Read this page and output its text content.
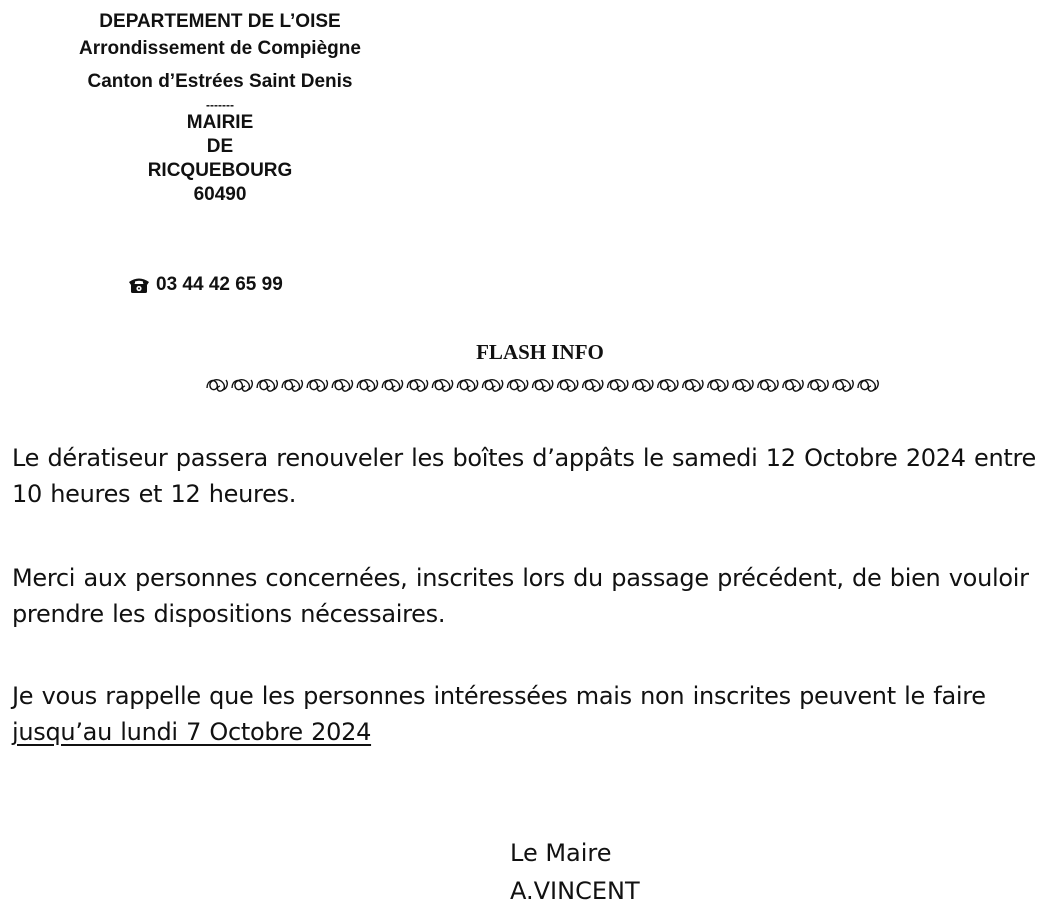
DEPARTEMENT DE L’OISE
Arrondissement de Compiègne
Canton d’Estrées Saint Denis
-------
MAIRIE
DE
RICQUEBOURG
60490
03 44 42 65 99
FLASH INFO
Le dératiseur passera renouveler les boîtes d’appâts le samedi 12 Octobre 2024 entre 10 heures et 12 heures.
Merci aux personnes concernées, inscrites lors du passage précédent, de bien vouloir prendre les dispositions nécessaires.
Je vous rappelle que les personnes intéressées mais non inscrites peuvent le faire jusqu’au lundi 7 Octobre 2024
Le Maire
A.VINCENT
